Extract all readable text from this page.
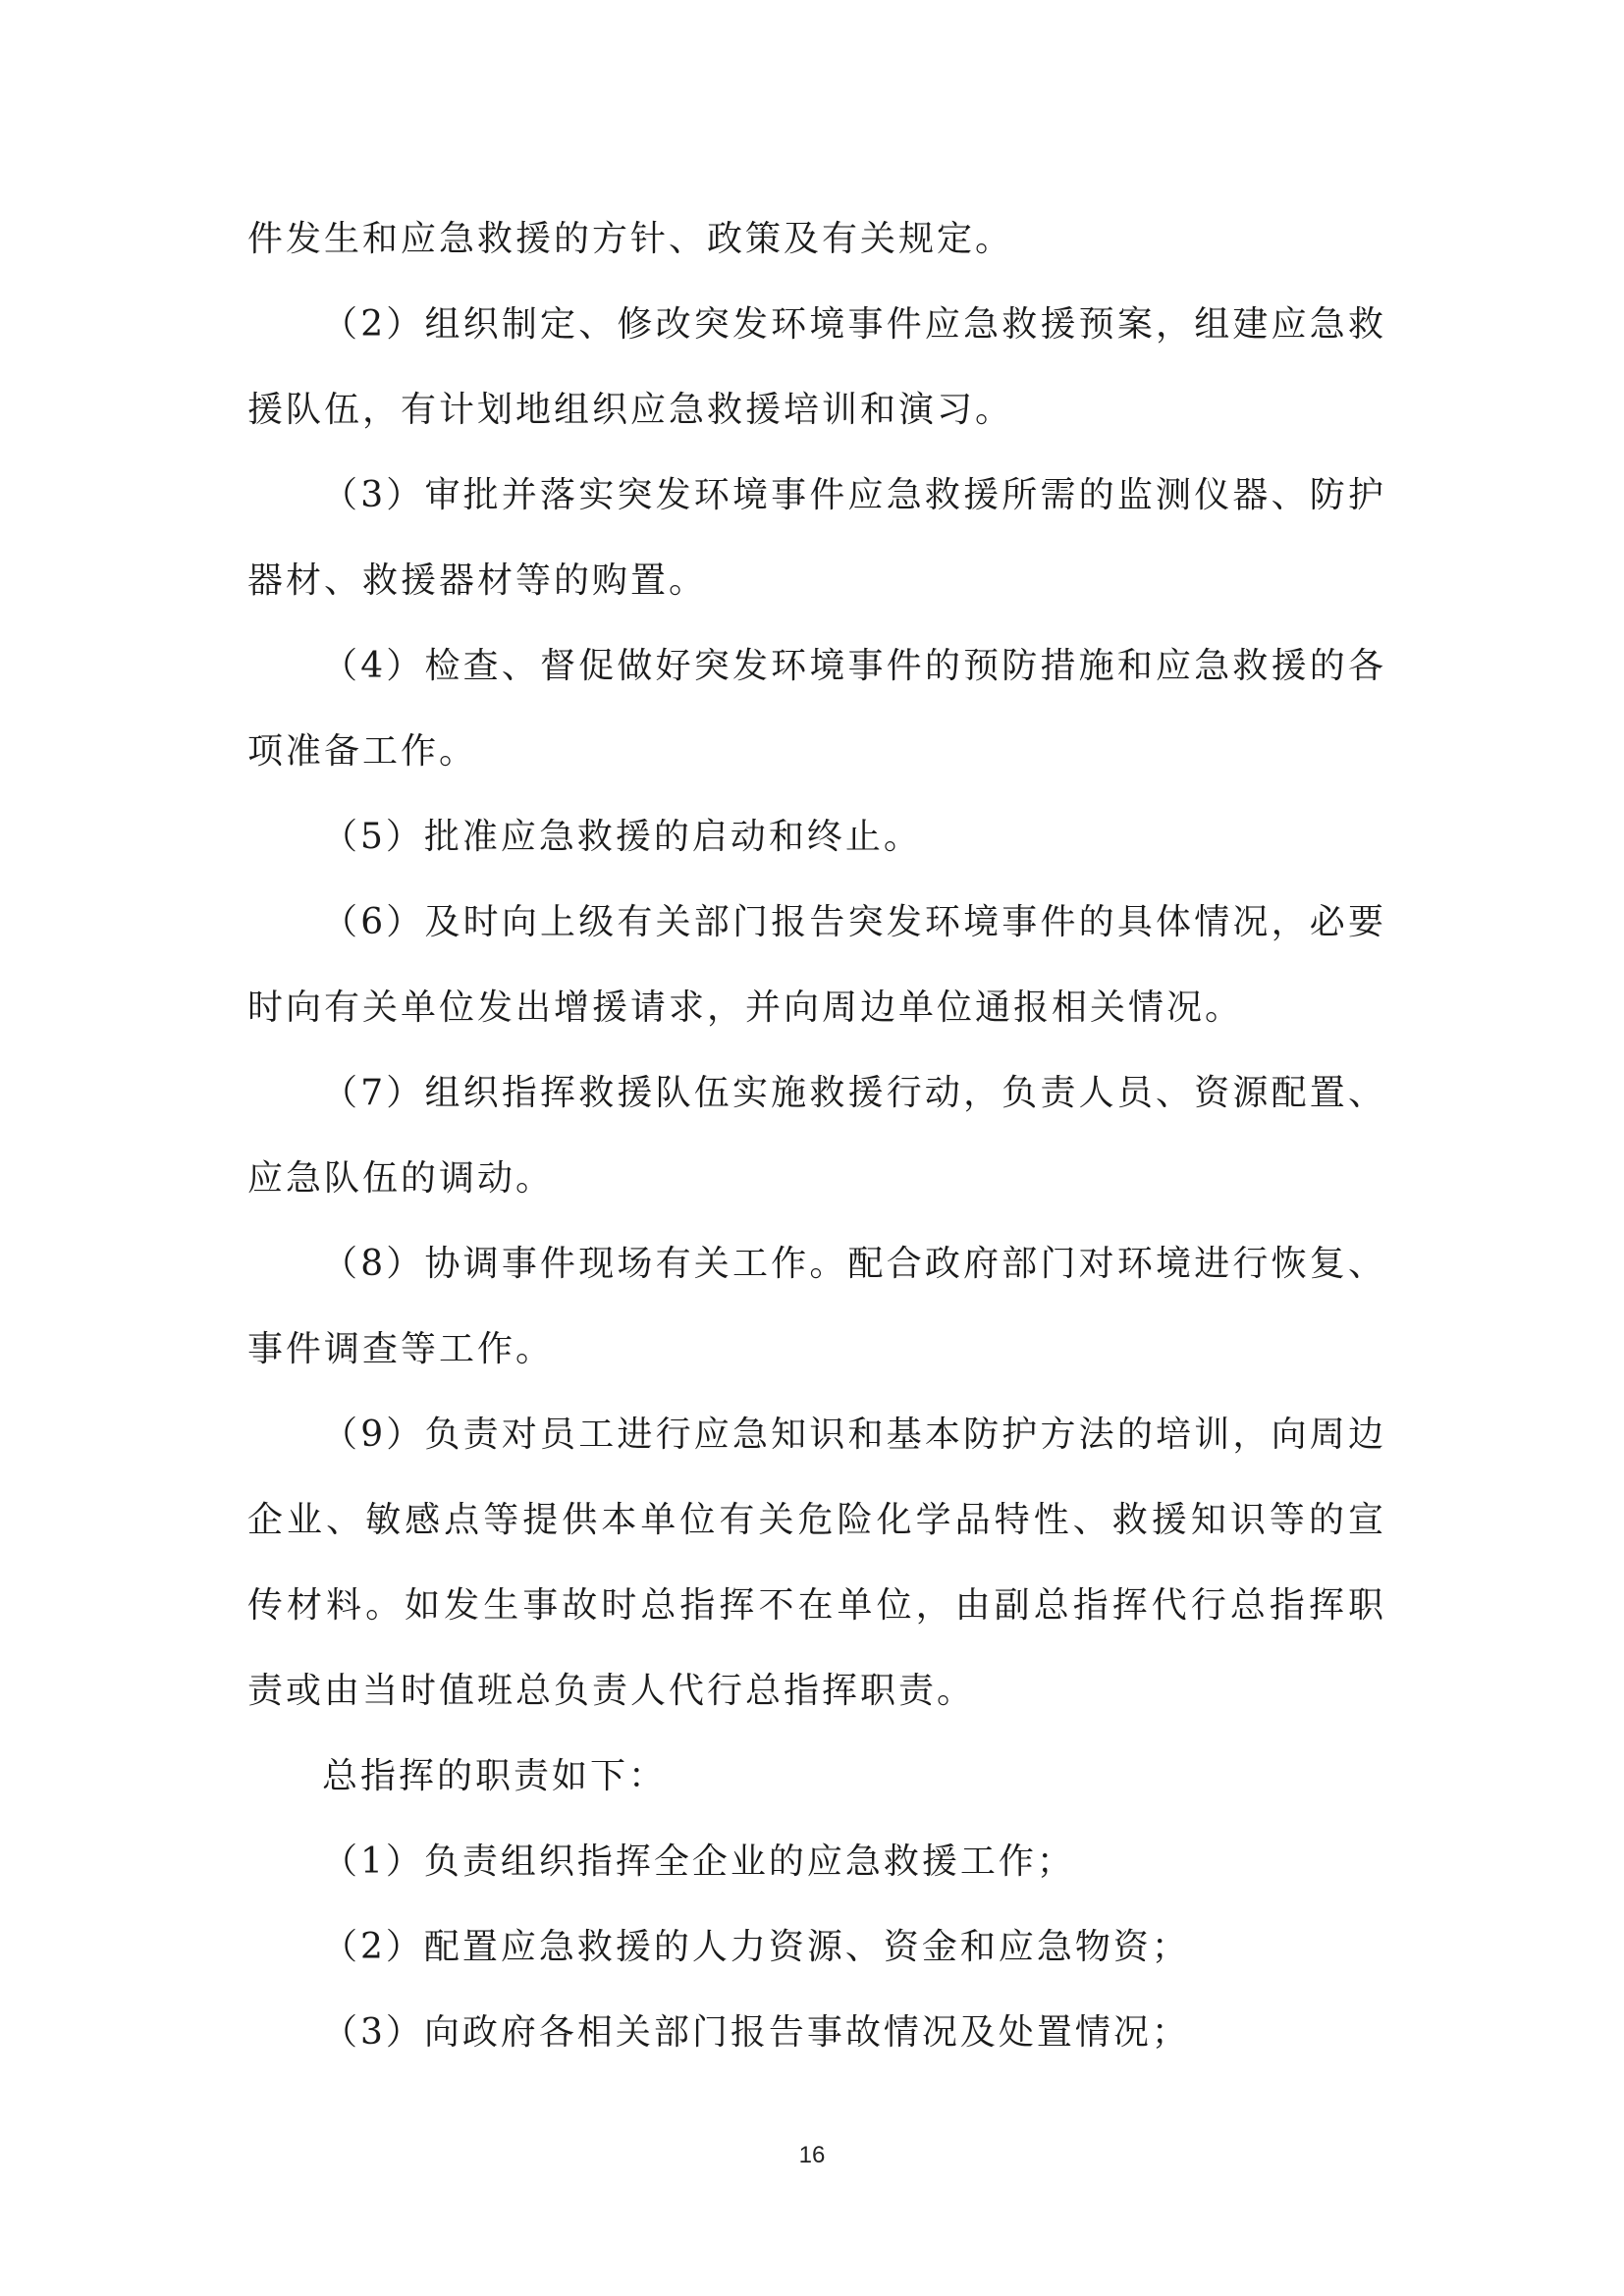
件发生和应急救援的方针、政策及有关规定。

（2）组织制定、修改突发环境事件应急救援预案，组建应急救援队伍，有计划地组织应急救援培训和演习。

（3）审批并落实突发环境事件应急救援所需的监测仪器、防护器材、救援器材等的购置。

（4）检查、督促做好突发环境事件的预防措施和应急救援的各项准备工作。

（5）批准应急救援的启动和终止。

（6）及时向上级有关部门报告突发环境事件的具体情况，必要时向有关单位发出增援请求，并向周边单位通报相关情况。

（7）组织指挥救援队伍实施救援行动，负责人员、资源配置、应急队伍的调动。

（8）协调事件现场有关工作。配合政府部门对环境进行恢复、事件调查等工作。

（9）负责对员工进行应急知识和基本防护方法的培训，向周边企业、敏感点等提供本单位有关危险化学品特性、救援知识等的宣传材料。如发生事故时总指挥不在单位，由副总指挥代行总指挥职责或由当时值班总负责人代行总指挥职责。

总指挥的职责如下：

（1）负责组织指挥全企业的应急救援工作；

（2）配置应急救援的人力资源、资金和应急物资；

（3）向政府各相关部门报告事故情况及处置情况；

16
